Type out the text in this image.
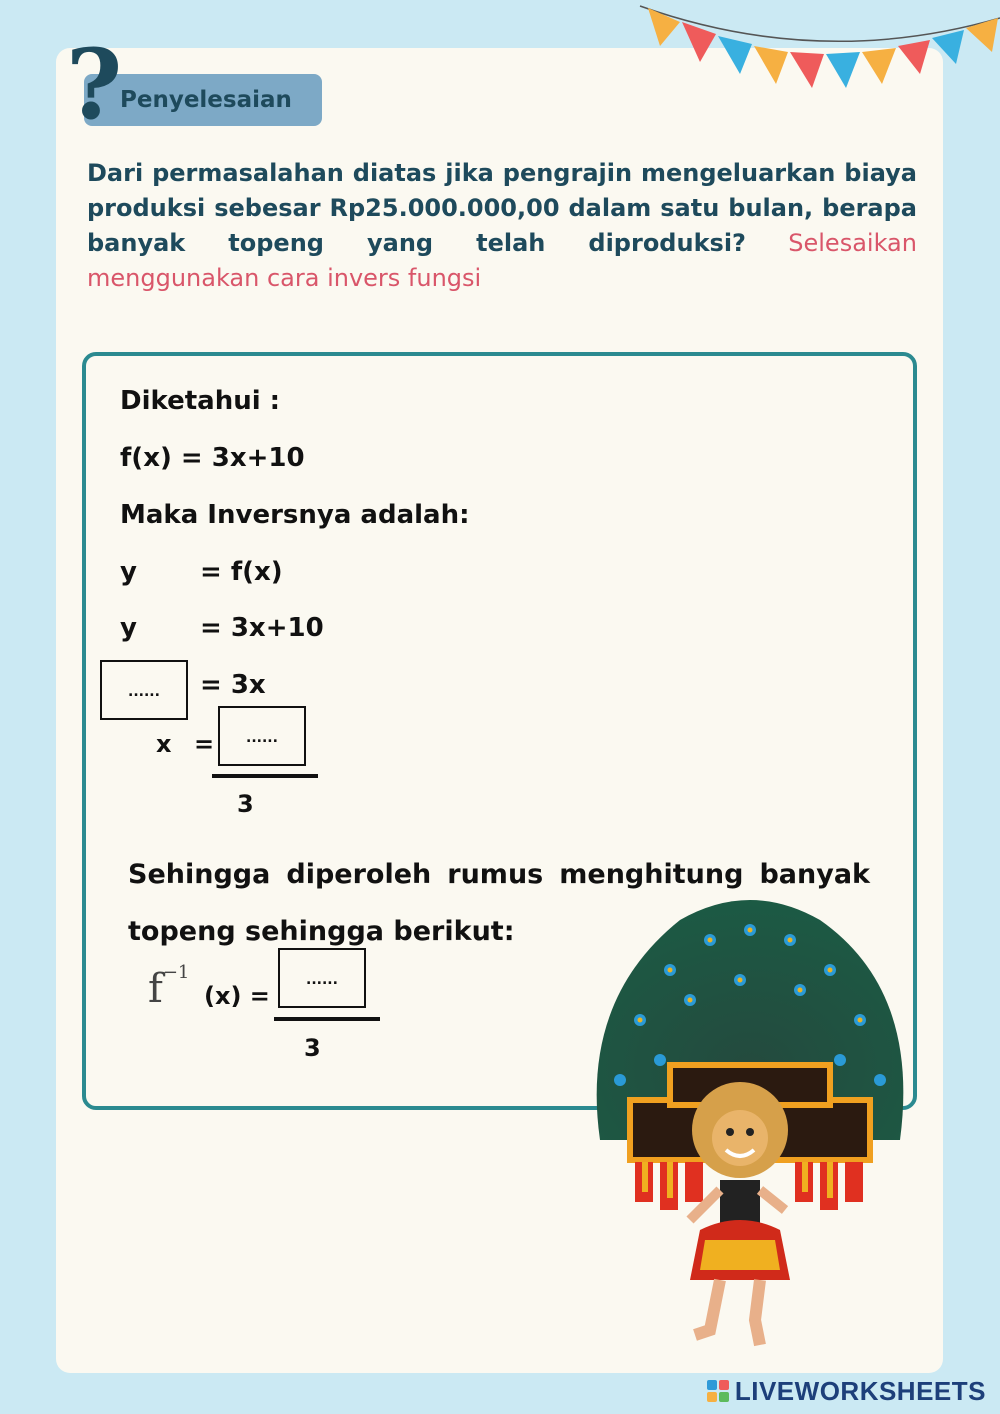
Penyelesaian
?
Dari permasalahan diatas jika pengrajin mengeluarkan biaya produksi sebesar Rp25.000.000,00 dalam satu bulan, berapa banyak topeng yang telah diproduksi? Selesaikan menggunakan cara invers fungsi
Diketahui :
f(x) = 3x+10
Maka Inversnya adalah:
y = f(x)
y = 3x+10
......	= 3x
x =	......
3
Sehingga diperoleh rumus menghitung banyak topeng sehingga berikut:
$f^{-1}$
(x) =
......
3
LIVEWORKSHEETS
